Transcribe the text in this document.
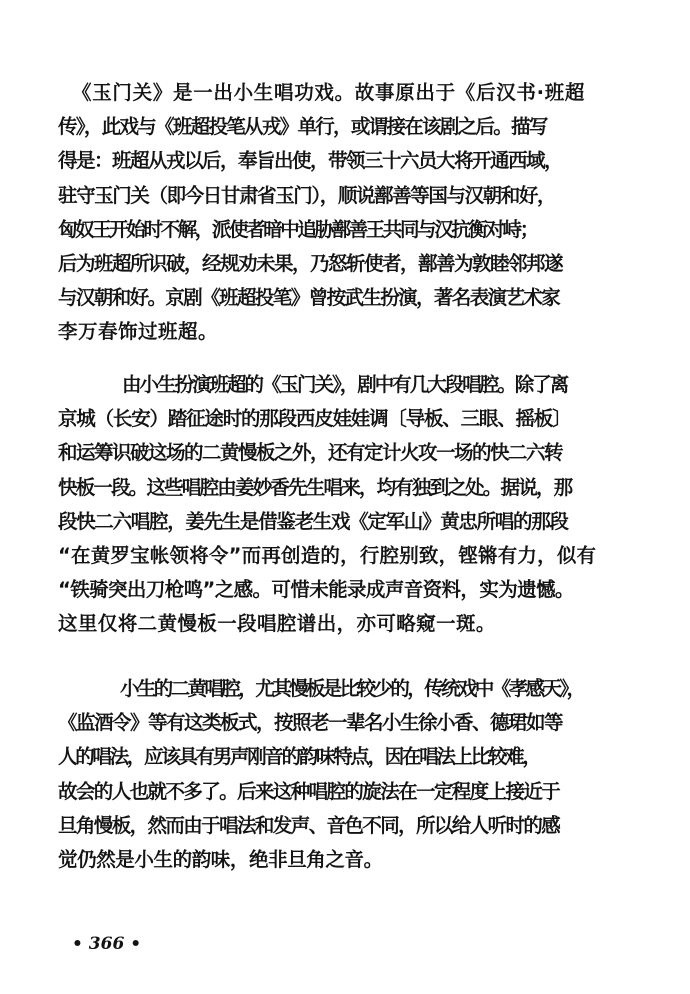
《玉门关》是一出小生唱功戏。故事原出于《后汉书·班超
传》，此戏与《班超投笔从戎》单行，或谓接在该剧之后。描写
得是：班超从戎以后，奉旨出使，带领三十六员大将开通西域，
驻守玉门关（即今日甘肃省玉门），顺说鄯善等国与汉朝和好，
匈奴王开始时不解，派使者暗中追胁鄯善王共同与汉抗衡对峙；
后为班超所识破，经规劝未果，乃怒斩使者，鄯善为敦睦邻邦遂
与汉朝和好。京剧《班超投笔》曾按武生扮演，著名表演艺术家
李万春饰过班超。
由小生扮演班超的《玉门关》，剧中有几大段唱腔。除了离
京城（长安）踏征途时的那段西皮娃娃调〔导板、三眼、摇板〕
和运筹识破这场的二黄慢板之外，还有定计火攻一场的快二六转
快板一段。这些唱腔由姜妙香先生唱来，均有独到之处。据说，那
段快二六唱腔，姜先生是借鉴老生戏《定军山》黄忠所唱的那段
“在黄罗宝帐领将令”而再创造的，行腔别致，铿锵有力，似有
“铁骑突出刀枪鸣”之感。可惜未能录成声音资料，实为遗憾。
这里仅将二黄慢板一段唱腔谱出，亦可略窥一斑。
小生的二黄唱腔，尤其慢板是比较少的，传统戏中《孝感天》，
《监酒令》等有这类板式，按照老一辈名小生徐小香、德珺如等
人的唱法，应该具有男声刚音的韵味特点，因在唱法上比较难，
故会的人也就不多了。后来这种唱腔的旋法在一定程度上接近于
旦角慢板，然而由于唱法和发声、音色不同，所以给人听时的感
觉仍然是小生的韵味，绝非旦角之音。
• 366 •
